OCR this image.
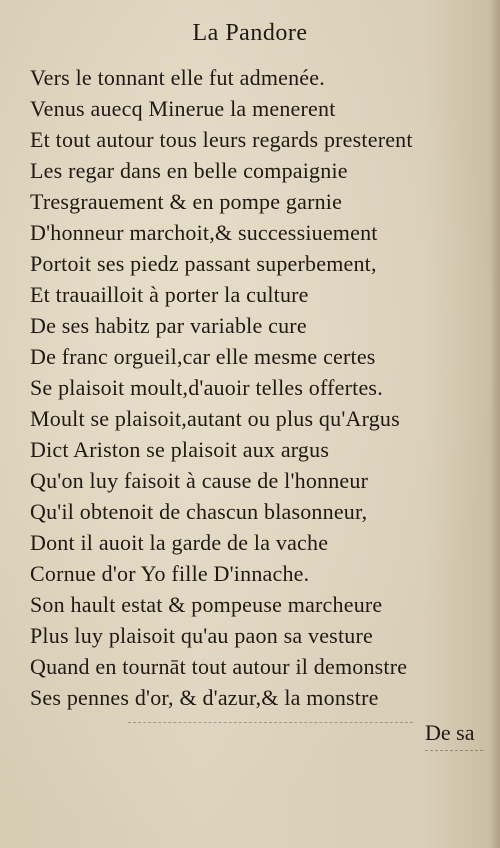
La Pandore
Vers le tonnant elle fut admenée.
Venus auecq Minerue la menerent
Et tout autour tous leurs regards presterent
Les regar dans en belle compaignie
Tresgrauement & en pompe garnie
D'honneur marchoit,& successiuement
Portoit ses piedz passant superbement,
Et trauailloit à porter la culture
De ses habitz par variable cure
De franc orgueil,car elle mesme certes
Se plaisoit moult,d'auoir telles offertes.
Moult se plaisoit,autant ou plus qu'Argus
Dict Ariston se plaisoit aux argus
Qu'on luy faisoit à cause de l'honneur
Qu'il obtenoit de chascun blasonneur,
Dont il auoit la garde de la vache
Cornue d'or Yo fille D'innache.
Son hault estat & pompeuse marcheure
Plus luy plaisoit qu'au paon sa vesture
Quand en tournāt tout autour il demonstre
Ses pennes d'or, & d'azur,& la monstre
De sa
